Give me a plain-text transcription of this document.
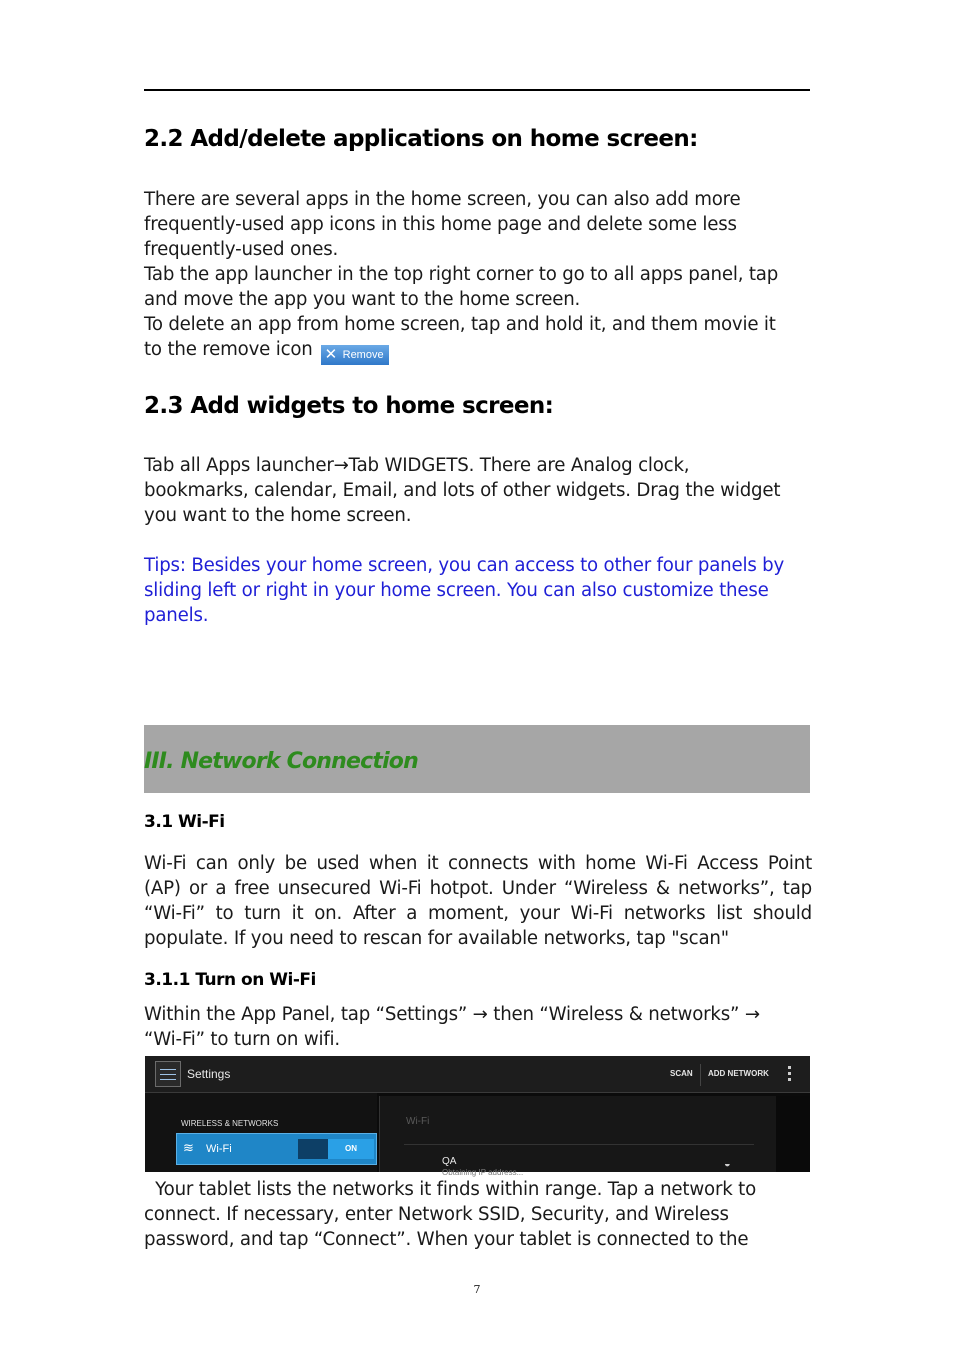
2.2 Add/delete applications on home screen:
There are several apps in the home screen, you can also add more
frequently-used app icons in this home page and delete some less
frequently-used ones.
Tab the app launcher in the top right corner to go to all apps panel, tap
and move the app you want to the home screen.
To delete an app from home screen, tap and hold it, and them movie it
to the remove icon ✕ Remove
2.3 Add widgets to home screen:
Tab all Apps launcher→Tab WIDGETS. There are Analog clock,
bookmarks, calendar, Email, and lots of other widgets. Drag the widget
you want to the home screen.
Tips: Besides your home screen, you can access to other four panels by
sliding left or right in your home screen. You can also customize these
panels.
III. Network Connection
3.1 Wi-Fi
Wi-Fi can only be used when it connects with home Wi-Fi Access Point
(AP) or a free unsecured Wi-Fi hotpot. Under “Wireless & networks”, tap
“Wi-Fi” to turn it on. After a moment, your Wi-Fi networks list should
populate. If you need to rescan for available networks, tap "scan"
3.1.1 Turn on Wi-Fi
Within the App Panel, tap “Settings” → then “Wireless & networks” →
“Wi-Fi” to turn on wifi.
Settings	SCAN ADD NETWORK
WIRELESS & NETWORKS
≋ Wi-Fi	ON
Wi-Fi
QA
Obtaining IP address...
◒
Your tablet lists the networks it finds within range. Tap a network to
connect. If necessary, enter Network SSID, Security, and Wireless
password, and tap “Connect”. When your tablet is connected to the
7
